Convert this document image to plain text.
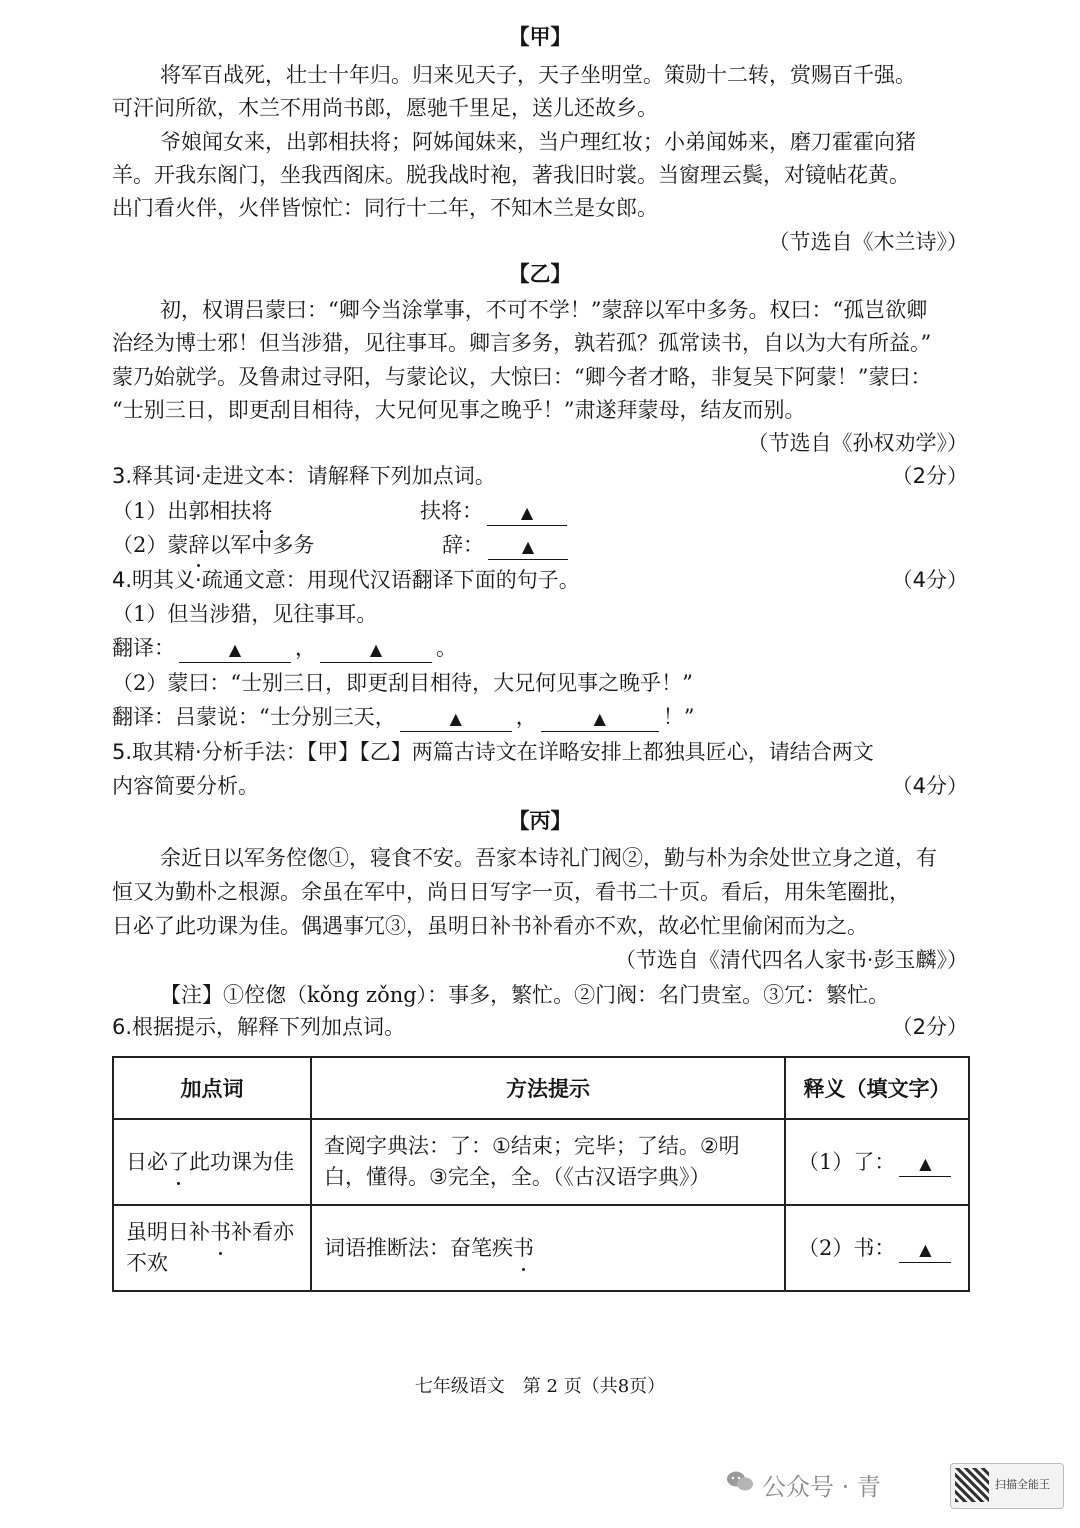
【甲】
将军百战死，壮士十年归。归来见天子，天子坐明堂。策勋十二转，赏赐百千强。
可汗问所欲，木兰不用尚书郎，愿驰千里足，送儿还故乡。
爷娘闻女来，出郭相扶将；阿姊闻妹来，当户理红妆；小弟闻姊来，磨刀霍霍向猪
羊。开我东阁门，坐我西阁床。脱我战时袍，著我旧时裳。当窗理云鬓，对镜帖花黄。
出门看火伴，火伴皆惊忙：同行十二年，不知木兰是女郎。
（节选自《木兰诗》）
【乙】
初，权谓吕蒙曰：“卿今当涂掌事，不可不学！”蒙辞以军中多务。权曰：“孤岂欲卿
治经为博士邪！但当涉猎，见往事耳。卿言多务，孰若孤？孤常读书，自以为大有所益。”
蒙乃始就学。及鲁肃过寻阳，与蒙论议，大惊曰：“卿今者才略，非复吴下阿蒙！”蒙曰：
“士别三日，即更刮目相待，大兄何见事之晚乎！”肃遂拜蒙母，结友而别。
（节选自《孙权劝学》）
3.释其词·走进文本：请解释下列加点词。	（2分）
（1）出郭相扶将	扶将： ▲
（2）蒙辞以军中多务	辞： ▲
4.明其义·疏通文意：用现代汉语翻译下面的句子。	（4分）
（1）但当涉猎，见往事耳。
翻译：	▲	，	▲	。
（2）蒙曰：“士别三日，即更刮目相待，大兄何见事之晚乎！”
翻译：吕蒙说：“士分别三天，	▲	，	▲	！”
5.取其精·分析手法：【甲】【乙】两篇古诗文在详略安排上都独具匠心，请结合两文
内容简要分析。	（4分）
【丙】
余近日以军务倥偬①，寝食不安。吾家本诗礼门阀②，勤与朴为余处世立身之道，有
恒又为勤朴之根源。余虽在军中，尚日日写字一页，看书二十页。看后，用朱笔圈批，
日必了此功课为佳。偶遇事冗③，虽明日补书补看亦不欢，故必忙里偷闲而为之。
（节选自《清代四名人家书·彭玉麟》）
【注】①倥偬（kǒng zǒng）：事多，繁忙。②门阀：名门贵室。③冗：繁忙。
6.根据提示，解释下列加点词。	（2分）
加点词	方法提示	释义（填文字）
日必了此功课为佳	查阅字典法：了：①结束；完毕；了结。②明白，懂得。③完全，全。（《古汉语字典》）	（1）了： ▲
虽明日补书补看亦不欢	词语推断法：奋笔疾书	（2）书： ▲
七年级语文　第 2 页（共8页）
公众号 · 青	扫描全能王
